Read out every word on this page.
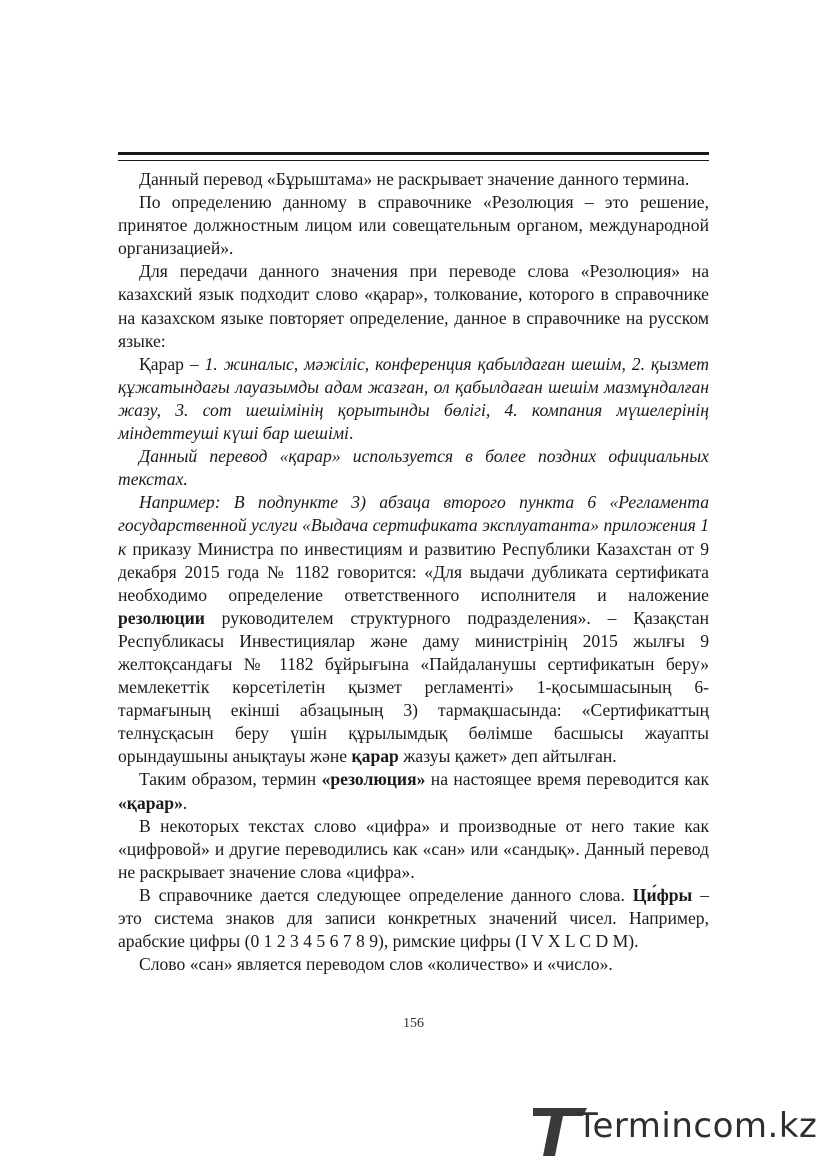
Данный перевод «Бұрыштама» не раскрывает значение данного термина.

По определению данному в справочнике «Резолюция – это решение, принятое должностным лицом или совещательным органом, международной организацией».

Для передачи данного значения при переводе слова «Резолюция» на казахский язык подходит слово «қарар», толкование, которого в справочнике на казахском языке повторяет определение, данное в справочнике на русском языке:

Қарар – 1. жиналыс, мәжіліс, конференция қабылдаған шешім, 2. қызмет құжатындағы лауазымды адам жазған, ол қабылдаған шешім мазмұндалған жазу, 3. сот шешімінің қорытынды бөлігі, 4. компания мүшелерінің міндеттеуші күші бар шешімі.

Данный перевод «қарар» используется в более поздних официальных текстах.

Например: В подпункте 3) абзаца второго пункта 6 «Регламента государственной услуги «Выдача сертификата эксплуатанта» приложения 1 к приказу Министра по инвестициям и развитию Республики Казахстан от 9 декабря 2015 года № 1182 говорится: «Для выдачи дубликата сертификата необходимо определение ответственного исполнителя и наложение резолюции руководителем структурного подразделения». – Қазақстан Республикасы Инвестициялар және даму министрінің 2015 жылғы 9 желтоқсандағы № 1182 бұйрығына «Пайдаланушы сертификатын беру» мемлекеттік көрсетілетін қызмет регламенті» 1-қосымшасының 6-тармағының екінші абзацының 3) тармақшасында: «Сертификаттың телнұсқасын беру үшін құрылымдық бөлімше басшысы жауапты орындаушыны анықтауы және қарар жазуы қажет» деп айтылған.

Таким образом, термин «резолюция» на настоящее время переводится как «қарар».

В некоторых текстах слово «цифра» и производные от него такие как «цифровой» и другие переводились как «сан» или «сандық». Данный перевод не раскрывает значение слова «цифра».

В справочнике дается следующее определение данного слова. Ци́фры – это система знаков для записи конкретных значений чисел. Например, арабские цифры (0 1 2 3 4 5 6 7 8 9), римские цифры (I V X L C D M).

Слово «сан» является переводом слов «количество» и «число».

156
Termincom.kz
